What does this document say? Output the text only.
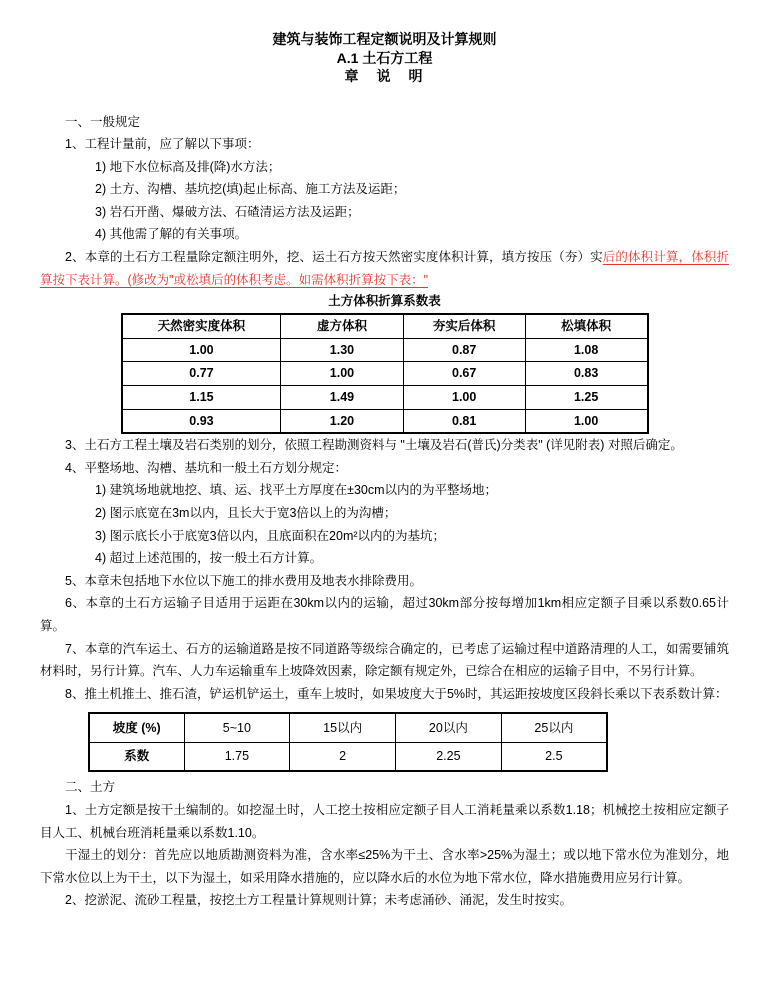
建筑与装饰工程定额说明及计算规则
A.1 土石方工程
章　说　明

一、一般规定

1、工程计量前，应了解以下事项：

1) 地下水位标高及排(降)水方法；

2) 土方、沟槽、基坑挖(填)起止标高、施工方法及运距；

3) 岩石开凿、爆破方法、石碴清运方法及运距；

4) 其他需了解的有关事项。

2、本章的土石方工程量除定额注明外，挖、运土石方按天然密实度体积计算，填方按压（夯）实后的体积计算，体积折算按下表计算。(修改为"或松填后的体积考虑。如需体积折算按下表："

土方体积折算系数表

天然密实度体积	虚方体积	夯实后体积	松填体积
1.00	1.30	0.87	1.08
0.77	1.00	0.67	0.83
1.15	1.49	1.00	1.25
0.93	1.20	0.81	1.00

3、土石方工程土壤及岩石类别的划分，依照工程勘测资料与 "土壤及岩石(普氏)分类表" (详见附表) 对照后确定。

4、平整场地、沟槽、基坑和一般土石方划分规定：

1) 建筑场地就地挖、填、运、找平土方厚度在±30cm以内的为平整场地；

2) 图示底宽在3m以内，且长大于宽3倍以上的为沟槽；

3) 图示底长小于底宽3倍以内，且底面积在20m²以内的为基坑；

4) 超过上述范围的，按一般土石方计算。

5、本章未包括地下水位以下施工的排水费用及地表水排除费用。

6、本章的土石方运输子目适用于运距在30km以内的运输，超过30km部分按每增加1km相应定额子目乘以系数0.65计算。

7、本章的汽车运土、石方的运输道路是按不同道路等级综合确定的，已考虑了运输过程中道路清理的人工，如需要铺筑材料时，另行计算。汽车、人力车运输重车上坡降效因素，除定额有规定外，已综合在相应的运输子目中，不另行计算。

8、推土机推土、推石渣，铲运机铲运土，重车上坡时，如果坡度大于5%时，其运距按坡度区段斜长乘以下表系数计算：

坡度 (%)	5~10	15以内	20以内	25以内
系数	1.75	2	2.25	2.5

二、土方

1、土方定额是按干土编制的。如挖湿土时，人工挖土按相应定额子目人工消耗量乘以系数1.18；机械挖土按相应定额子目人工、机械台班消耗量乘以系数1.10。

干湿土的划分：首先应以地质勘测资料为准，含水率≤25%为干土、含水率>25%为湿土；或以地下常水位为准划分，地下常水位以上为干土，以下为湿土，如采用降水措施的，应以降水后的水位为地下常水位，降水措施费用应另行计算。

2、挖淤泥、流砂工程量，按挖土方工程量计算规则计算；未考虑涌砂、涌泥，发生时按实。
